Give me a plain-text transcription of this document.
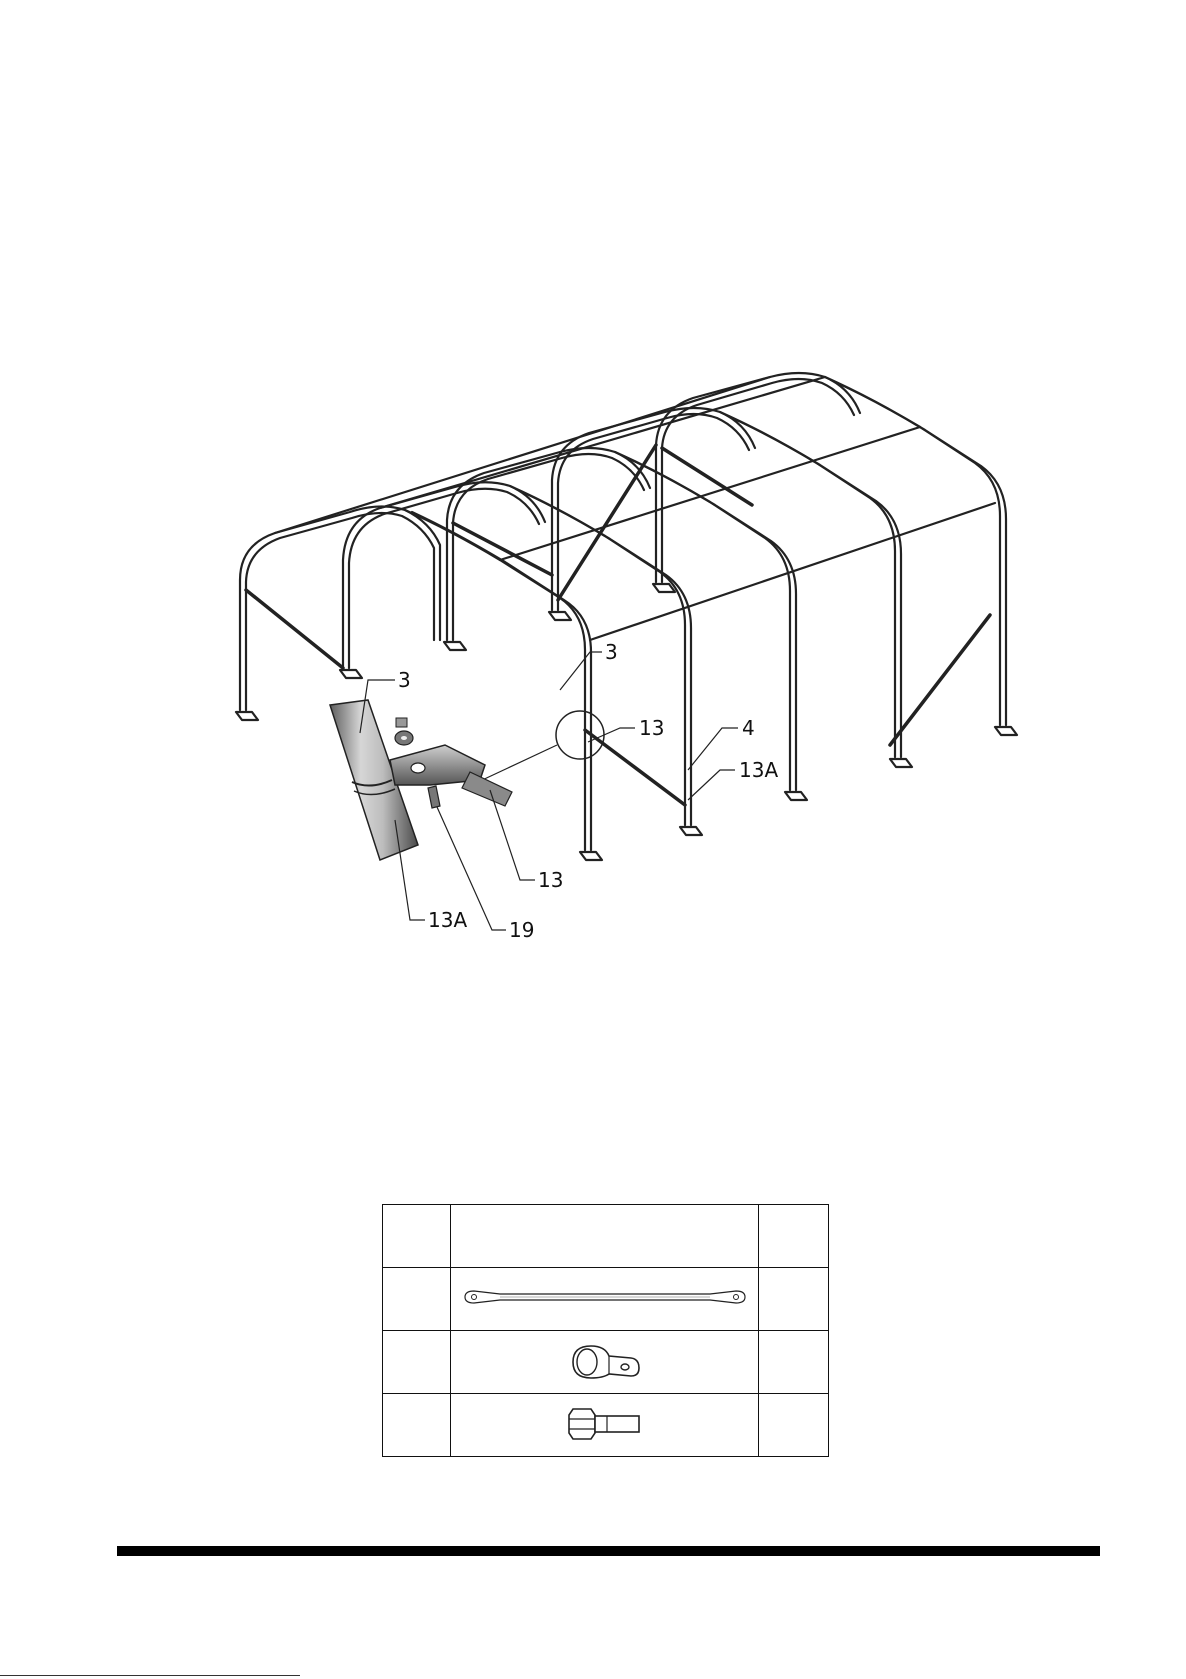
3
3
13	4
13A
13
13A 19
